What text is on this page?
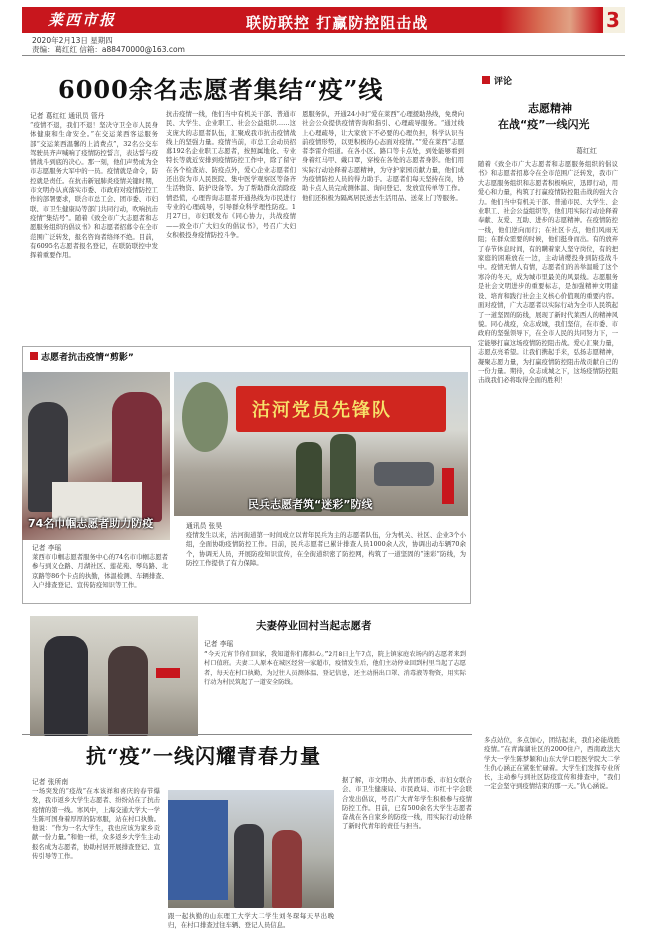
莱西市报	联防联控 打赢防控阻击战	3
2020年2月13日 星期四
责编：葛红红 信箱：a88470000@163.com
6000余名志愿者集结“疫”线
记者 葛红红 通讯员 管丹
“疫情不退，我们不退！坚决守卫全市人民身体健康和生命安全。”在交运莱西客运服务部“交运莱西温馨的上消费点”，32名公交车驾驶员齐声喊响了疫情防控誓言，表达誓与疫情战斗到底的决心。那一刻，他们声势成为全市志愿服务大军中的一员。疫情就是命令，防控就是责任。在抗击新冠肺炎疫情关键时期，市文明办认真落实市委、市政府对疫情防控工作的部署要求，联合市总工会、团市委、市妇联、市卫生健康局等部门共同行动，吹响抗击疫情“集结号”。随着《致全市广大志愿者和志愿服务组织的倡议书》和志愿者招募令在全市范围广泛转发，报名咨询者络绎不绝。目前，有6095名志愿者报名登记，在联防联控中发挥着重要作用。
抗击疫情一线，他们当中有机关干部、普通市民、大学生、企业职工、社会公益组织……这支庞大的志愿者队伍，汇聚成我市抗击疫情战线上的坚强力量。疫情当前，市总工会动员招募192名企业职工志愿者，按照属地化、专业特长等就近安排到疫情防控工作中，除了留守在各个检查站、防疫点外，爱心企业志愿者们还出资为市人民医院、集中医学观察区等备齐生活物资、防护设备等。为了帮助群众消除疫情恐慌，心理咨询志愿者开通热线为市民进行专业的心理疏导，引导群众科学理性防疫。1月27日，市妇联发布《同心协力，共战疫情——致全市广大妇女的倡议书》，号召广大妇女积极投身疫情防控斗争。
恩服务队，开通24小时“爱在莱西”心理援助热线，免费向社会公众提供疫情咨询和指引、心理疏导服务。“通过线上心理疏导，让大家放下不必要的心理负担，科学认识当前疫情形势，以更积极的心态面对疫情。”“爱在莱西”志愿者李雷介绍道。在各小区、路口等卡点处，到处能够看到身着红马甲、戴口罩，穿梭在各处的志愿者身影。他们用实际行动诠释着志愿精神，为守护家园贡献力量，他们成为疫情防控人员的得力助手。志愿者们每天坚持在岗，协助卡点人员完成测体温、询问登记、发放宣传单等工作。他们还积极为隔离居民送去生活用品、送菜上门等服务。
评论
志愿精神
在战“疫”一线闪光
葛红红
随着《致全市广大志愿者和志愿服务组织的倡议书》和志愿者招募令在全市范围广泛转发，我市广大志愿服务组织和志愿者积极响应，迅即行动，用爱心和力量，构筑了打赢疫情防控阻击战的强大合力。他们当中有机关干部、普通市民、大学生、企业职工、社会公益组织等，他们用实际行动诠释着奉献、友爱、互助、进步的志愿精神。在疫情防控一线，他们逆向而行；在社区卡点，他们风雨无阻；在群众需要的时候，他们挺身而出。有的放弃了春节休息时间，有的瞒着家人坚守岗位，有的把家庭的困难放在一边，主动请缨投身到防疫战斗中。疫情无情人有情，志愿者们的善举温暖了这个寒冷的冬天，成为城市里最美的风景线。志愿服务是社会文明进步的重要标志，是加强精神文明建设、培育和践行社会主义核心价值观的重要内容。面对疫情，广大志愿者以实际行动为全市人民筑起了一道坚固的防线，展现了新时代莱西人的精神风貌。同心战疫，众志成城，我们坚信，在市委、市政府的坚强领导下，在全市人民的共同努力下，一定能够打赢这场疫情防控阻击战。爱心汇聚力量，志愿点亮希望。让我们携起手来，弘扬志愿精神，凝聚志愿力量，为打赢疫情防控阻击战贡献自己的一份力量。期待，众志成城之下，这场疫情防控阻击战我们必将取得全面的胜利！
志愿者抗击疫情“剪影”
74名巾帼志愿者助力防疫
沽河党员先锋队
民兵志愿者筑“迷彩”防线
记者 李瑶
莱西市巾帼志愿者服务中心的74名市巾帼志愿者参与到义仓路、月湖社区、莲花苑、琴岛路、北京路等86个卡点的执勤，体温检测、车辆排查、入户排查登记、宣传防疫知识等工作。
通讯员 张昊
疫情发生以来，沽河街道第一时间成立以青年民兵为主的志愿者队伍，分为机关、社区、企业3个小组，全面协助疫情防控工作。目前，民兵志愿者已累计排查人员1000余人次，协调出动车辆70余个，协调无人员，开展防疫知识宣传，在全街道织密了防控网，构筑了一道坚固的“迷彩”防线，为防控工作提供了有力保障。
夫妻停业回村当起志愿者
记者 李瑶
“今天元宵节你们回家，我知道你们都担心。”2月8日上午7点，院上镇家庭农场内的志愿者来到村口值班。夫妻二人原本在城区经营一家超市，疫情发生后，他们主动停业回到村里当起了志愿者，每天在村口执勤，为过往人员测体温、登记信息，还主动捐出口罩、消毒液等物资，用实际行动为村民筑起了一道安全防线。
抗“疫”一线闪耀青春力量
记者 张所南
一场突发的“疫战”在本该祥和喜庆的春节爆发，我市返乡大学生志愿者、纷纷站在了抗击疫情的第一线。寒风中，上海交通大学大一学生陈可国身着厚厚的防寒服，站在村口执勤。他说：“作为一名大学生，我也应该为家乡贡献一份力量。”和他一样，众多返乡大学生主动报名成为志愿者，协助村居开展排查登记、宣传引导等工作。
跟一起执勤的山东理工大学大二学生刘冬琛每天早出晚归，在村口排查过往车辆、登记人员信息。
据了解，市文明办、共青团市委、市妇女联合会、市卫生健康局、市民政局、市红十字会联合发出倡议，号召广大青年学生积极参与疫情防控工作。目前，已有500余名大学生志愿者奋战在各自家乡的防疫一线，用实际行动诠释了新时代青年的责任与担当。
多点站位，多点加心，团结起来，我们必能战胜疫情。”在青海湖社区的2000住户，西南政法大学大一学生陈梦颖和山东大学口腔医学院大二学生仇心涵正在紧张忙碌着。大学生们发挥专业所长，主动参与到社区防疫宣传和排查中，“我们一定会坚守到疫情结束的那一天。”仇心涵说。
